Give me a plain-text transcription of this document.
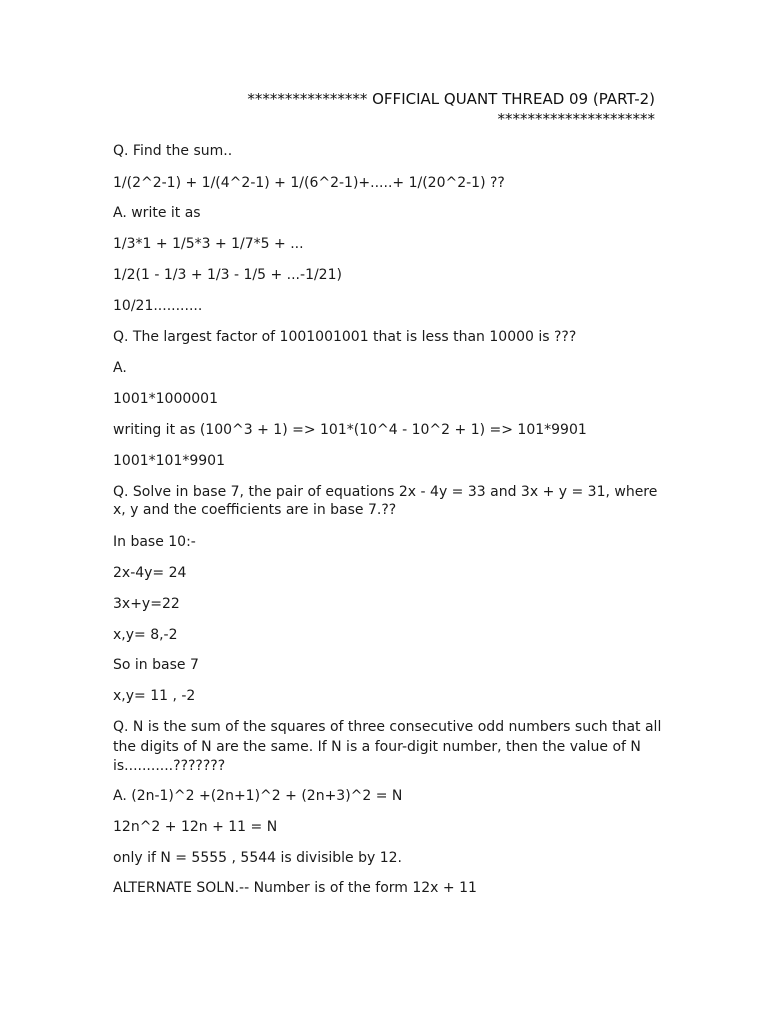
**************** OFFICIAL QUANT THREAD 09 (PART-2)
*********************
Q. Find the sum..
1/(2^2-1) + 1/(4^2-1) + 1/(6^2-1)+.....+ 1/(20^2-1) ??
A. write it as
1/3*1 + 1/5*3 + 1/7*5 + ...
1/2(1 - 1/3 + 1/3 - 1/5 + ...-1/21)
10/21...........
Q. The largest factor of 1001001001 that is less than 10000 is ???
A.
1001*1000001
writing it as (100^3 + 1) => 101*(10^4 - 10^2 + 1) => 101*9901
1001*101*9901
Q. Solve in base 7, the pair of equations 2x - 4y = 33 and 3x + y = 31, where
x, y and the coefficients are in base 7.??
In base 10:-
2x-4y= 24
3x+y=22
x,y= 8,-2
So in base 7
x,y= 11 , -2
Q. N is the sum of the squares of three consecutive odd numbers such that all
the digits of N are the same. If N is a four-digit number, then the value of N
is...........???????
A. (2n-1)^2 +(2n+1)^2 + (2n+3)^2 = N
12n^2 + 12n + 11 = N
only if N = 5555 , 5544 is divisible by 12.
ALTERNATE SOLN.-- Number is of the form 12x + 11
